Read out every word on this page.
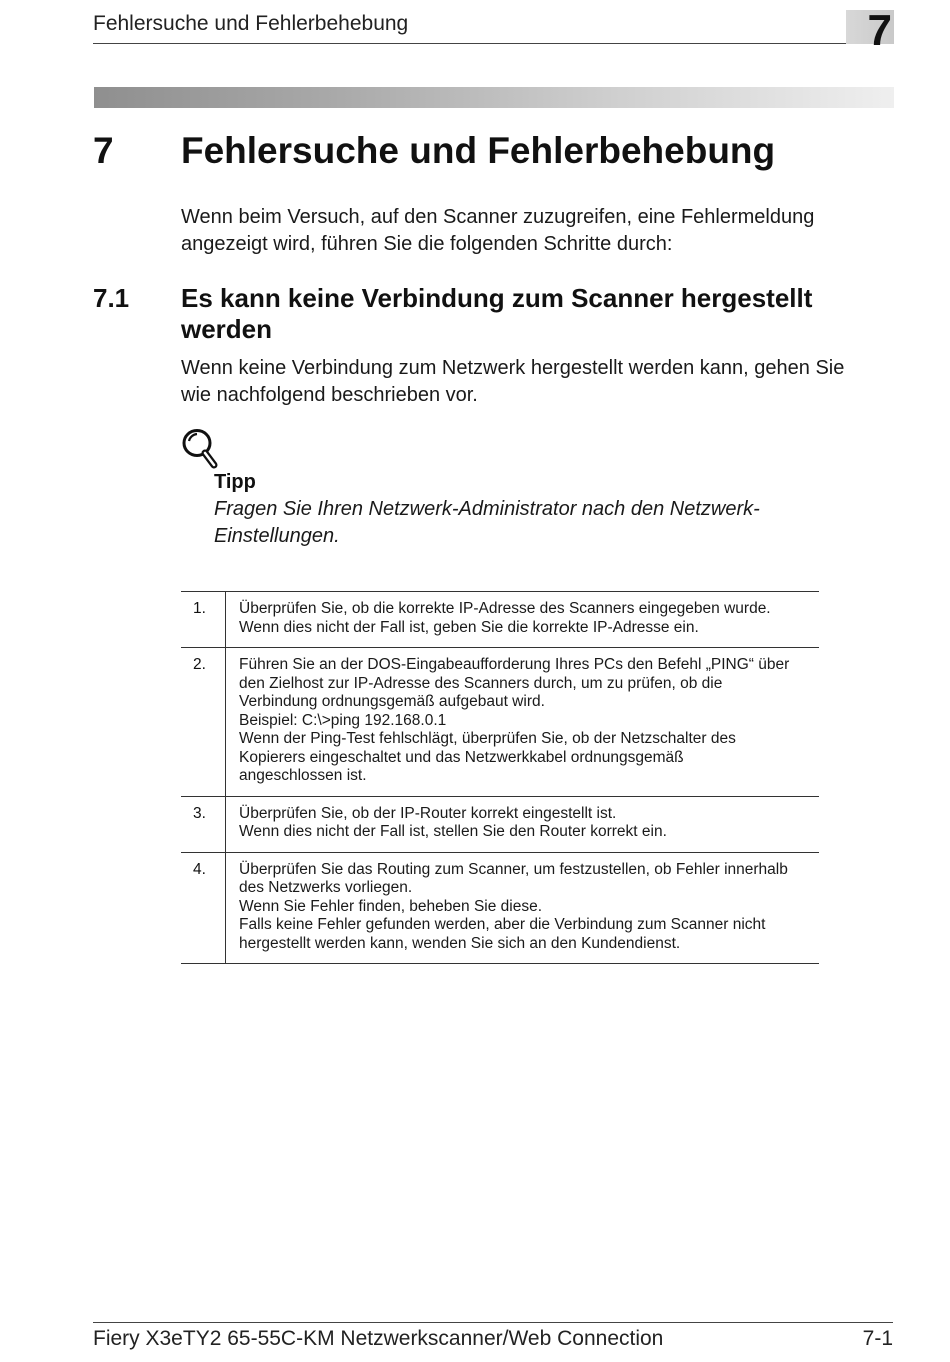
Fehlersuche und Fehlerbehebung	7
7 Fehlersuche und Fehlerbehebung
Wenn beim Versuch, auf den Scanner zuzugreifen, eine Fehlermeldung
angezeigt wird, führen Sie die folgenden Schritte durch:
7.1 Es kann keine Verbindung zum Scanner hergestellt
werden
Wenn keine Verbindung zum Netzwerk hergestellt werden kann, gehen Sie
wie nachfolgend beschrieben vor.
Tipp
Fragen Sie Ihren Netzwerk-Administrator nach den Netzwerk-
Einstellungen.
1.	Überprüfen Sie, ob die korrekte IP-Adresse des Scanners eingegeben wurde.
Wenn dies nicht der Fall ist, geben Sie die korrekte IP-Adresse ein.
2.	Führen Sie an der DOS-Eingabeaufforderung Ihres PCs den Befehl „PING“ über
den Zielhost zur IP-Adresse des Scanners durch, um zu prüfen, ob die
Verbindung ordnungsgemäß aufgebaut wird.
Beispiel: C:\>ping 192.168.0.1
Wenn der Ping-Test fehlschlägt, überprüfen Sie, ob der Netzschalter des
Kopierers eingeschaltet und das Netzwerkkabel ordnungsgemäß
angeschlossen ist.
3.	Überprüfen Sie, ob der IP-Router korrekt eingestellt ist.
Wenn dies nicht der Fall ist, stellen Sie den Router korrekt ein.
4.	Überprüfen Sie das Routing zum Scanner, um festzustellen, ob Fehler innerhalb
des Netzwerks vorliegen.
Wenn Sie Fehler finden, beheben Sie diese.
Falls keine Fehler gefunden werden, aber die Verbindung zum Scanner nicht
hergestellt werden kann, wenden Sie sich an den Kundendienst.
Fiery X3eTY2 65-55C-KM Netzwerkscanner/Web Connection	7-1
